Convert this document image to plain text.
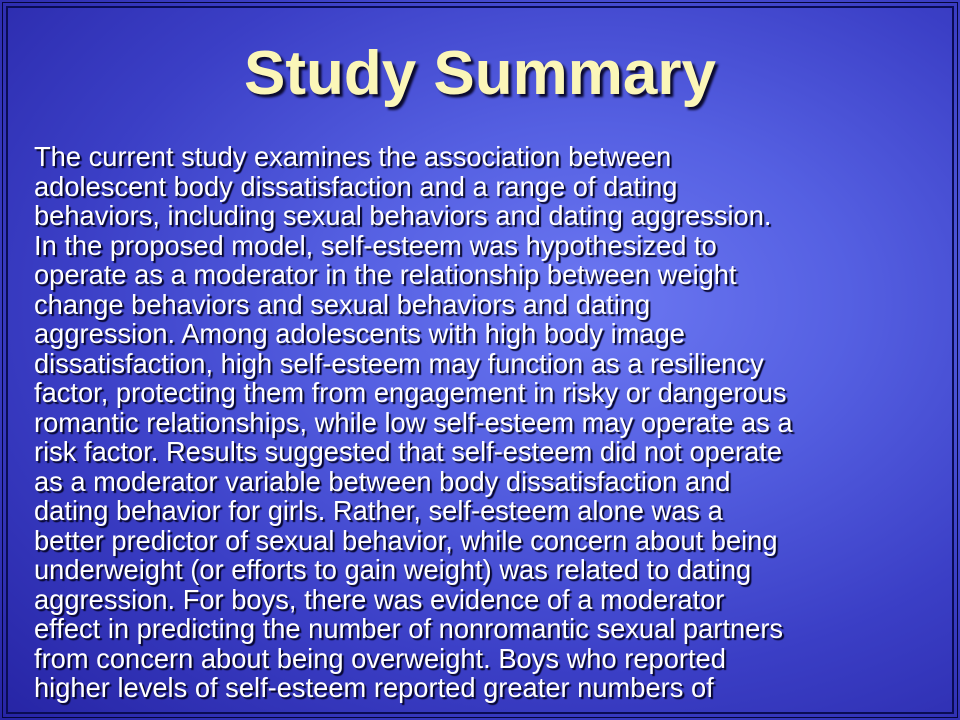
Study Summary
The current study examines the association between
adolescent body dissatisfaction and a range of dating
behaviors, including sexual behaviors and dating aggression.
In the proposed model, self-esteem was hypothesized to
operate as a moderator in the relationship between weight
change behaviors and sexual behaviors and dating
aggression. Among adolescents with high body image
dissatisfaction, high self-esteem may function as a resiliency
factor, protecting them from engagement in risky or dangerous
romantic relationships, while low self-esteem may operate as a
risk factor. Results suggested that self-esteem did not operate
as a moderator variable between body dissatisfaction and
dating behavior for girls. Rather, self-esteem alone was a
better predictor of sexual behavior, while concern about being
underweight (or efforts to gain weight) was related to dating
aggression. For boys, there was evidence of a moderator
effect in predicting the number of nonromantic sexual partners
from concern about being overweight. Boys who reported
higher levels of self-esteem reported greater numbers of
